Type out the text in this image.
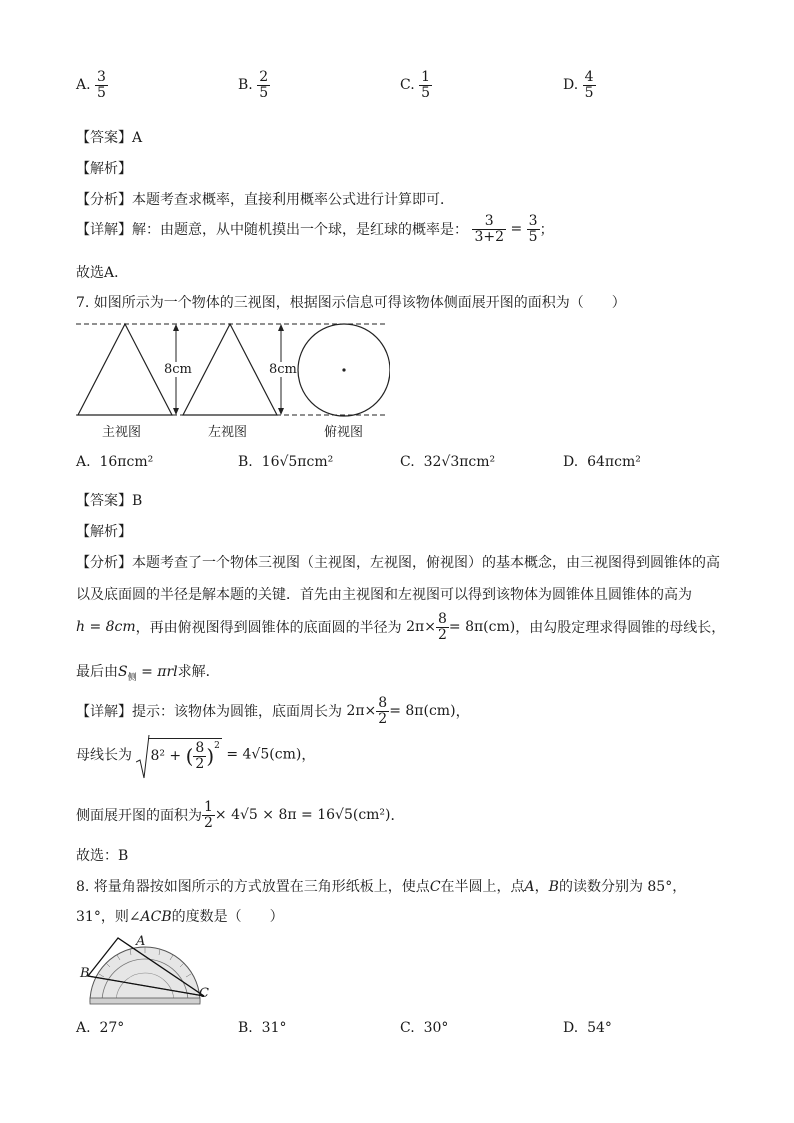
A. $\frac{3}{5}$	B. $\frac{2}{5}$	C. $\frac{1}{5}$	D. $\frac{4}{5}$
【答案】A
【解析】
【分析】本题考查求概率，直接利用概率公式进行计算即可．
【详解】解：由题意，从中随机摸出一个球，是红球的概率是： $\frac{3}{3+2} = \frac{3}{5}$ ；
故选A．
7. 如图所示为一个物体的三视图，根据图示信息可得该物体侧面展开图的面积为（　　）
8cm	8cm
主视图	左视图	俯视图
A. 16πcm²	B. 16√5πcm²	C. 32√3πcm²	D. 64πcm²
【答案】B
【解析】
【分析】本题考查了一个物体三视图（主视图，左视图，俯视图）的基本概念，由三视图得到圆锥体的高
以及底面圆的半径是解本题的关键．首先由主视图和左视图可以得到该物体为圆锥体且圆锥体的高为
h = 8cm，再由俯视图得到圆锥体的底面圆的半径为 $2\pi\times \frac{8}{2} = 8\pi(cm)$，由勾股定理求得圆锥的母线长，
最后由$S_侧 = \pi rl$求解．
【详解】提示：该物体为圆锥，底面周长为 $2\pi\times \frac{8}{2} = 8\pi(cm)$，
母线长为 8² + ( $\frac{8}{2} )^2 = 4√5(cm)$，
侧面展开图的面积为 $\frac{1}{2} \times 4√5 \times 8\pi = 16√5(cm^2)$．
故选：B
8. 将量角器按如图所示的方式放置在三角形纸板上，使点C在半圆上，点A，B的读数分别为 85°，
31°，则∠ACB的度数是（　　）
A
B
C
A. 27°	B. 31°	C. 30°	D. 54°
